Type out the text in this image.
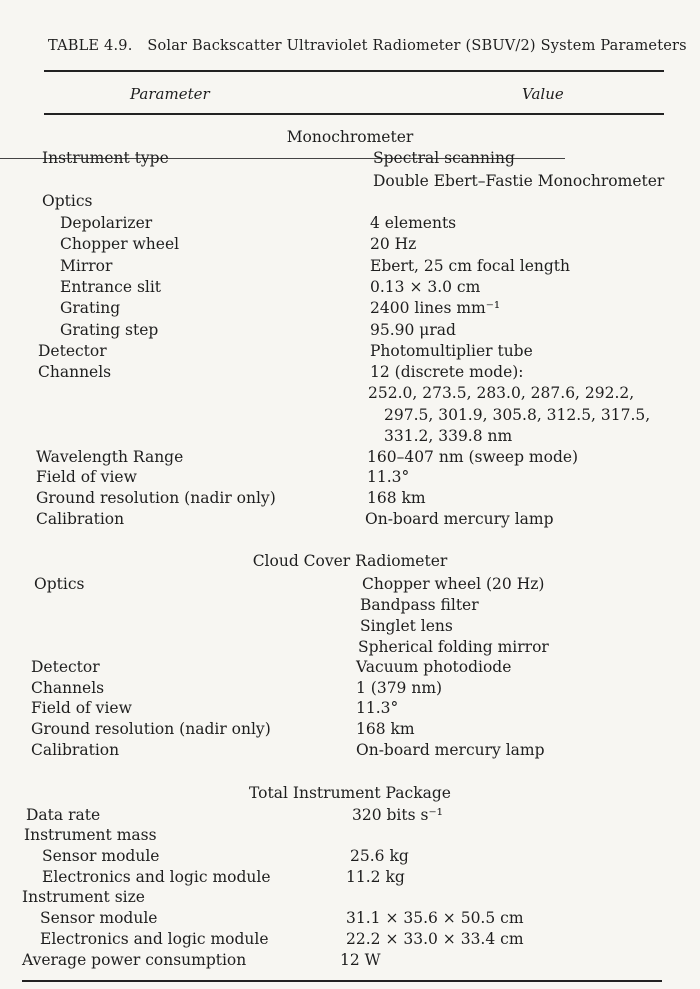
TABLE 4.9. Solar Backscatter Ultraviolet Radiometer (SBUV/2) System Parameters
Parameter	Value
Monochrometer
Instrument type	Spectral scanning
Double Ebert–Fastie Monochrometer
Optics
Depolarizer	4 elements
Chopper wheel	20 Hz
Mirror	Ebert, 25 cm focal length
Entrance slit	0.13 × 3.0 cm
Grating	2400 lines mm⁻¹
Grating step	95.90 μrad
Detector	Photomultiplier tube
Channels	12 (discrete mode):
252.0, 273.5, 283.0, 287.6, 292.2,
297.5, 301.9, 305.8, 312.5, 317.5,
331.2, 339.8 nm
Wavelength Range	160–407 nm (sweep mode)
Field of view	11.3°
Ground resolution (nadir only)	168 km
Calibration	On-board mercury lamp
Cloud Cover Radiometer
Optics	Chopper wheel (20 Hz)
Bandpass filter
Singlet lens
Spherical folding mirror
Detector	Vacuum photodiode
Channels	1 (379 nm)
Field of view	11.3°
Ground resolution (nadir only)	168 km
Calibration	On-board mercury lamp
Total Instrument Package
Data rate	320 bits s⁻¹
Instrument mass
Sensor module	25.6 kg
Electronics and logic module	11.2 kg
Instrument size
Sensor module	31.1 × 35.6 × 50.5 cm
Electronics and logic module	22.2 × 33.0 × 33.4 cm
Average power consumption	12 W
